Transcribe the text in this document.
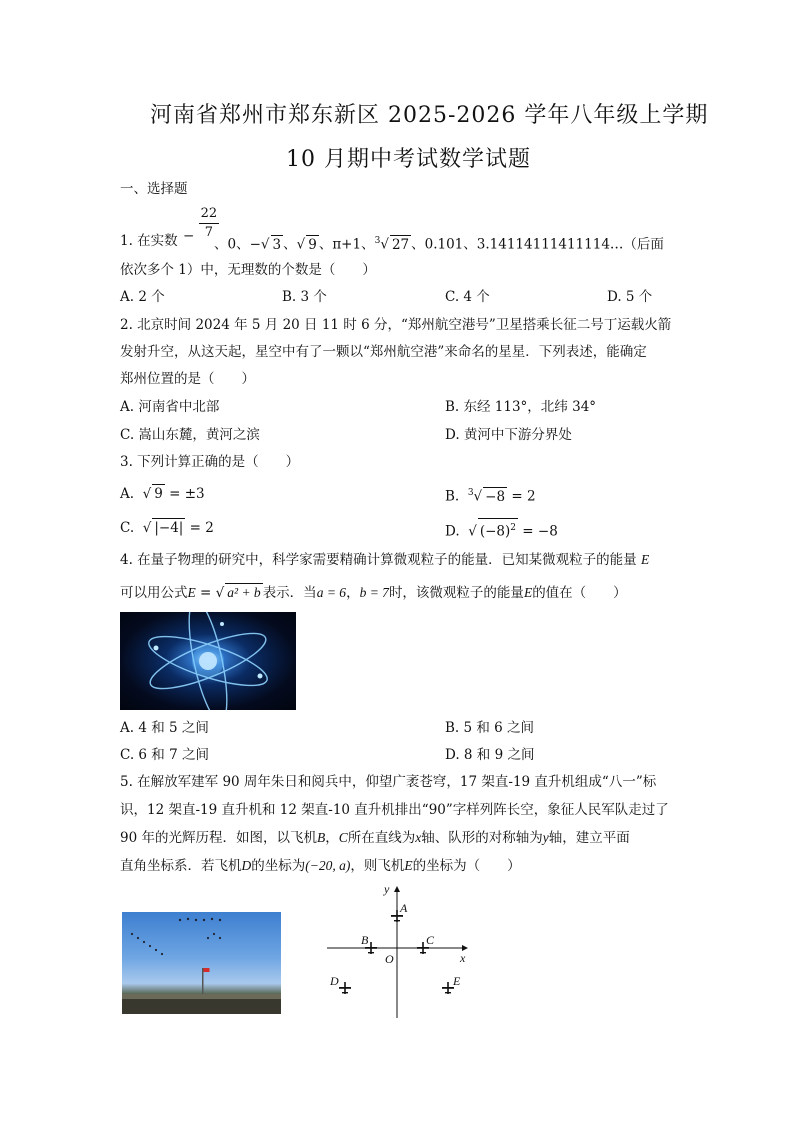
河南省郑州市郑东新区 2025-2026 学年八年级上学期
10 月期中考试数学试题
一、选择题
1. 在实数 − $\frac{22}{7}$
、0、−√ 3 、√ 9 、π+1、$^3$√ 27 、0.101、3.14114111411114…（后面
依次多个 1）中，无理数的个数是（　　）
A. 2 个	B. 3 个	C. 4 个	D. 5 个
2. 北京时间 2024 年 5 月 20 日 11 时 6 分，“郑州航空港号”卫星搭乘长征二号丁运载火箭
发射升空，从这天起，星空中有了一颗以“郑州航空港”来命名的星星．下列表述，能确定
郑州位置的是（　　）
A. 河南省中北部	B. 东经 113°，北纬 34°
C. 嵩山东麓，黄河之滨	D. 黄河中下游分界处
3. 下列计算正确的是（　　）
A.  √ 9 = ±3	B. $^3$√ −8 = 2
C.  √ |−4| = 2	D.  √ $(-8)^2 = -8$
4. 在量子物理的研究中，科学家需要精确计算微观粒子的能量．已知某微观粒子的能量 E
可以用公式E = √ a² + b 表示．当a = 6，b = 7时，该微观粒子的能量E的值在（　　）
A. 4 和 5 之间	B. 5 和 6 之间
C. 6 和 7 之间	D. 8 和 9 之间
5. 在解放军建军 90 周年朱日和阅兵中，仰望广袤苍穹，17 架直-19 直升机组成“八一”标
识，12 架直-19 直升机和 12 架直-10 直升机排出“90”字样列阵长空，象征人民军队走过了
90 年的光辉历程．如图，以飞机B，C所在直线为x轴、队形的对称轴为y轴，建立平面
直角坐标系．若飞机D的坐标为(−20, a)，则飞机E的坐标为（　　）
y
x
O
A
B	C
D	E
